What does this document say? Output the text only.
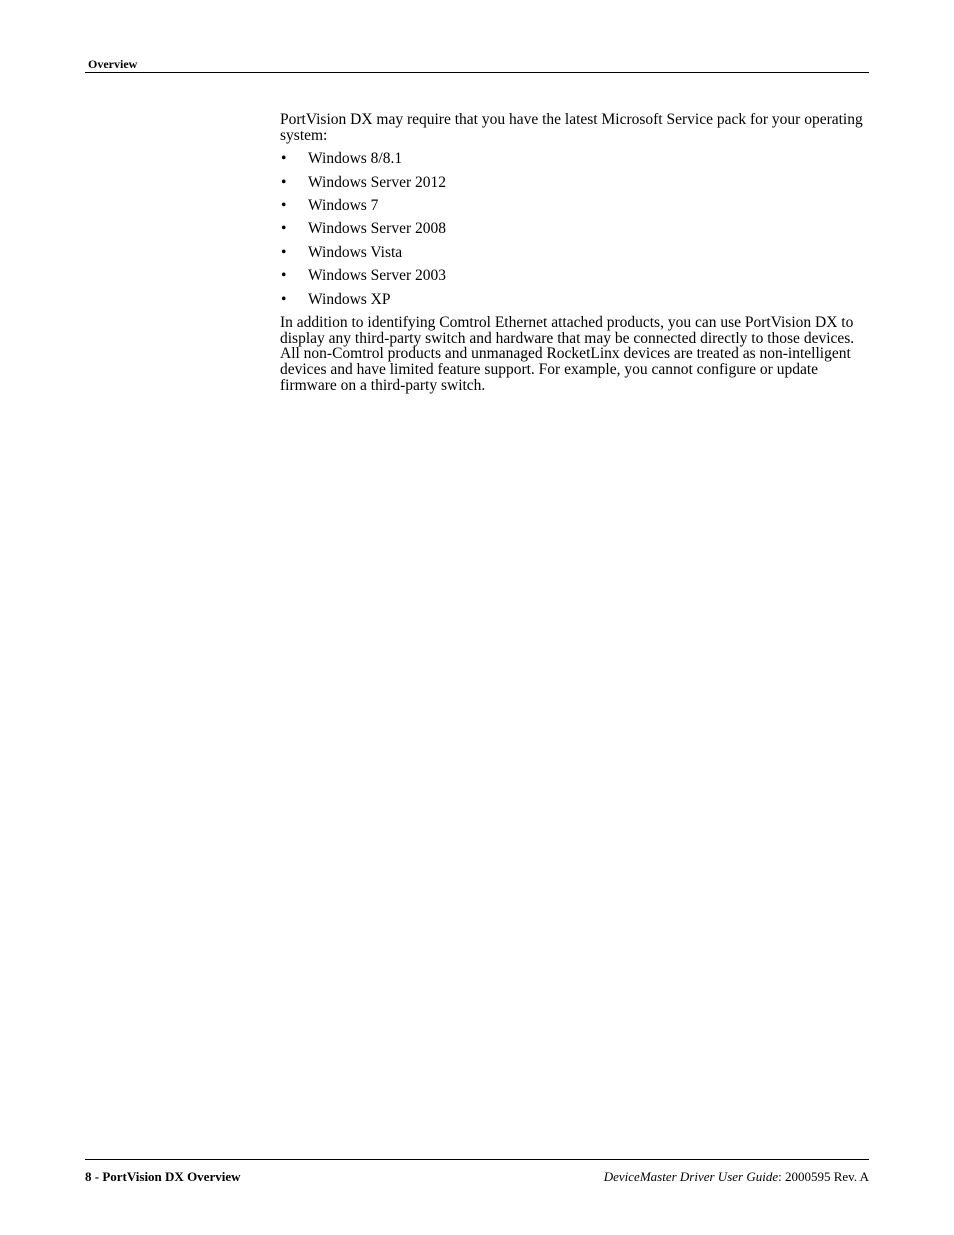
Overview

PortVision DX may require that you have the latest Microsoft Service pack for your operating system:

• Windows 8/8.1
• Windows Server 2012
• Windows 7
• Windows Server 2008
• Windows Vista
• Windows Server 2003
• Windows XP

In addition to identifying Comtrol Ethernet attached products, you can use PortVision DX to display any third-party switch and hardware that may be connected directly to those devices. All non-Comtrol products and unmanaged RocketLinx devices are treated as non-intelligent devices and have limited feature support. For example, you cannot configure or update firmware on a third-party switch.

8 - PortVision DX Overview	DeviceMaster Driver User Guide: 2000595 Rev. A
